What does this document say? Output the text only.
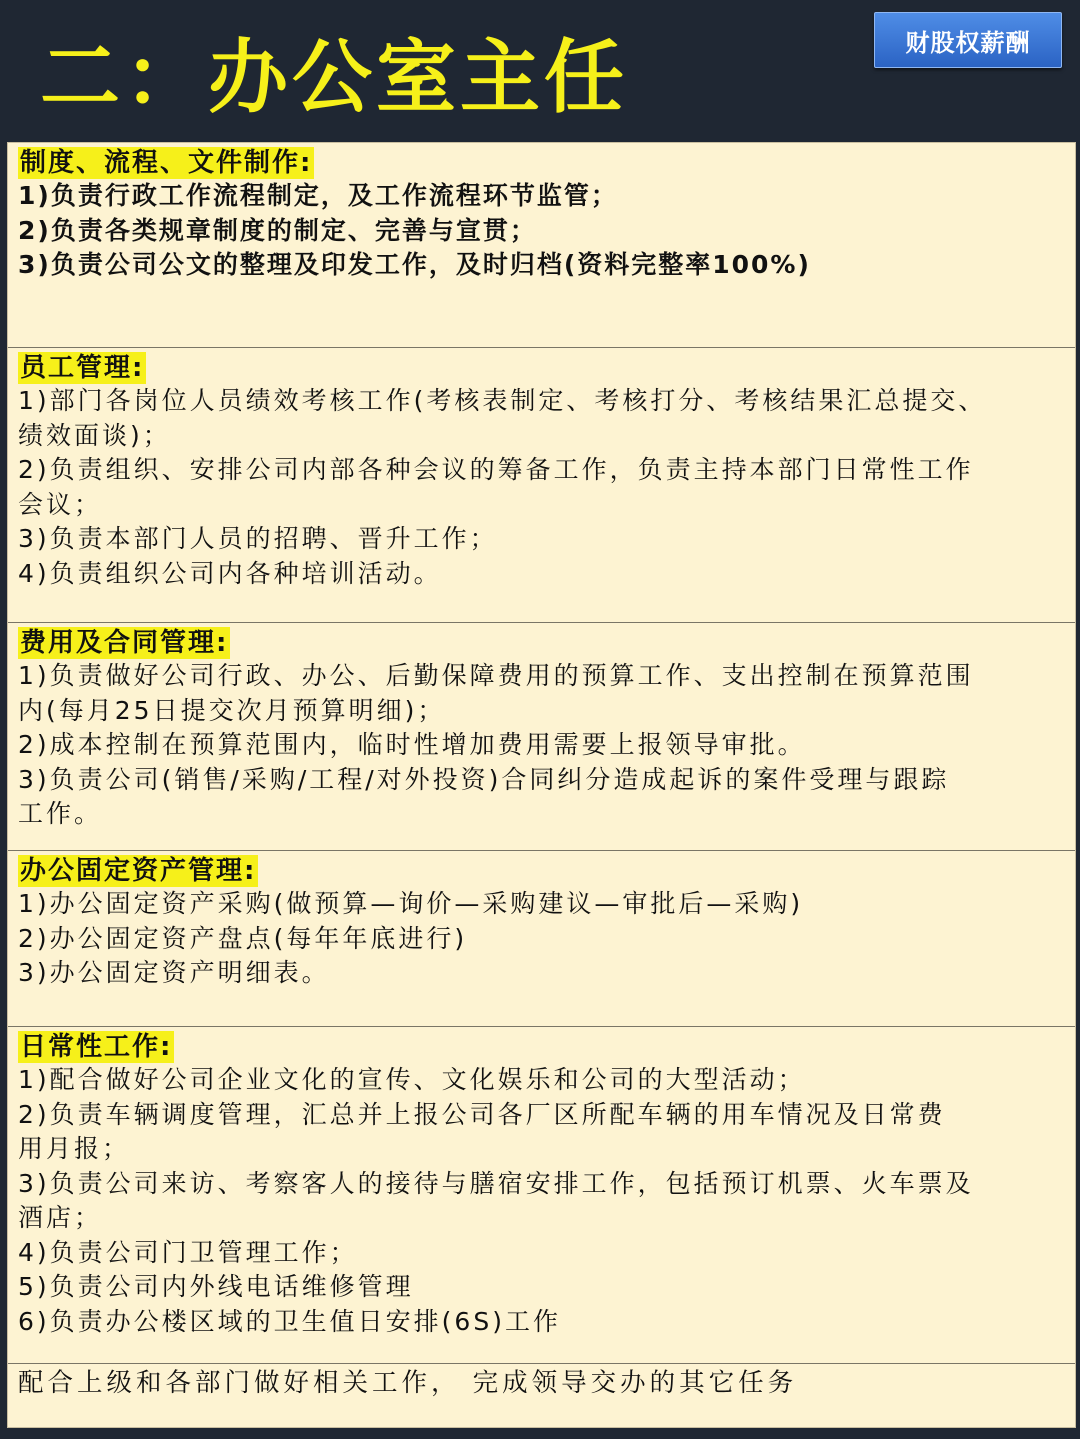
二：办公室主任	财股权薪酬
制度、流程、文件制作:
1)负责行政工作流程制定，及工作流程环节监管；
2)负责各类规章制度的制定、完善与宣贯；
3)负责公司公文的整理及印发工作，及时归档(资料完整率100%)
员工管理:
1)部门各岗位人员绩效考核工作(考核表制定、考核打分、考核结果汇总提交、
绩效面谈)；
2)负责组织、安排公司内部各种会议的筹备工作，负责主持本部门日常性工作
会议；
3)负责本部门人员的招聘、晋升工作；
4)负责组织公司内各种培训活动。
费用及合同管理:
1)负责做好公司行政、办公、后勤保障费用的预算工作、支出控制在预算范围
内(每月25日提交次月预算明细)；
2)成本控制在预算范围内，临时性增加费用需要上报领导审批。
3)负责公司(销售/采购/工程/对外投资)合同纠分造成起诉的案件受理与跟踪
工作。
办公固定资产管理:
1)办公固定资产采购(做预算—询价—采购建议—审批后—采购)
2)办公固定资产盘点(每年年底进行)
3)办公固定资产明细表。
日常性工作:
1)配合做好公司企业文化的宣传、文化娱乐和公司的大型活动；
2)负责车辆调度管理，汇总并上报公司各厂区所配车辆的用车情况及日常费
用月报；
3)负责公司来访、考察客人的接待与膳宿安排工作，包括预订机票、火车票及
酒店；
4)负责公司门卫管理工作；
5)负责公司内外线电话维修管理
6)负责办公楼区域的卫生值日安排(6S)工作
配合上级和各部门做好相关工作， 完成领导交办的其它任务
